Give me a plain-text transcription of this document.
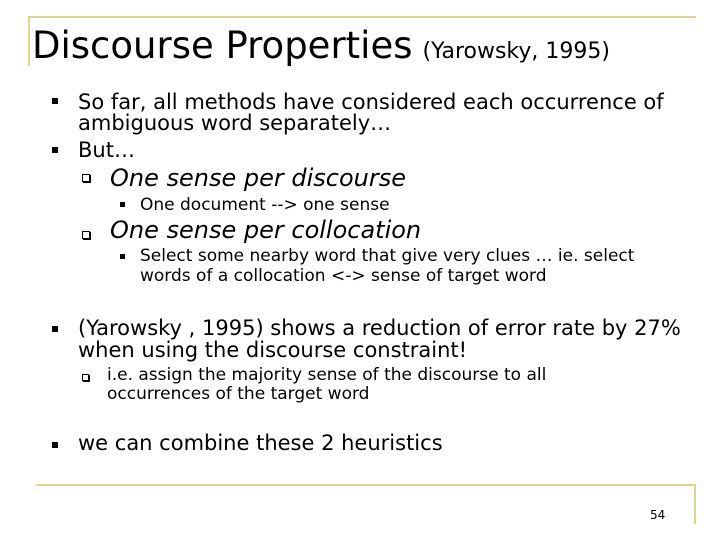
Discourse Properties (Yarowsky, 1995)
So far, all methods have considered each occurrence of
ambiguous word separately…
But…
One sense per discourse
One document --> one sense
One sense per collocation
Select some nearby word that give very clues … ie. select
words of a collocation <-> sense of target word
(Yarowsky , 1995) shows a reduction of error rate by 27%
when using the discourse constraint!
i.e. assign the majority sense of the discourse to all
occurrences of the target word
we can combine these 2 heuristics
54
